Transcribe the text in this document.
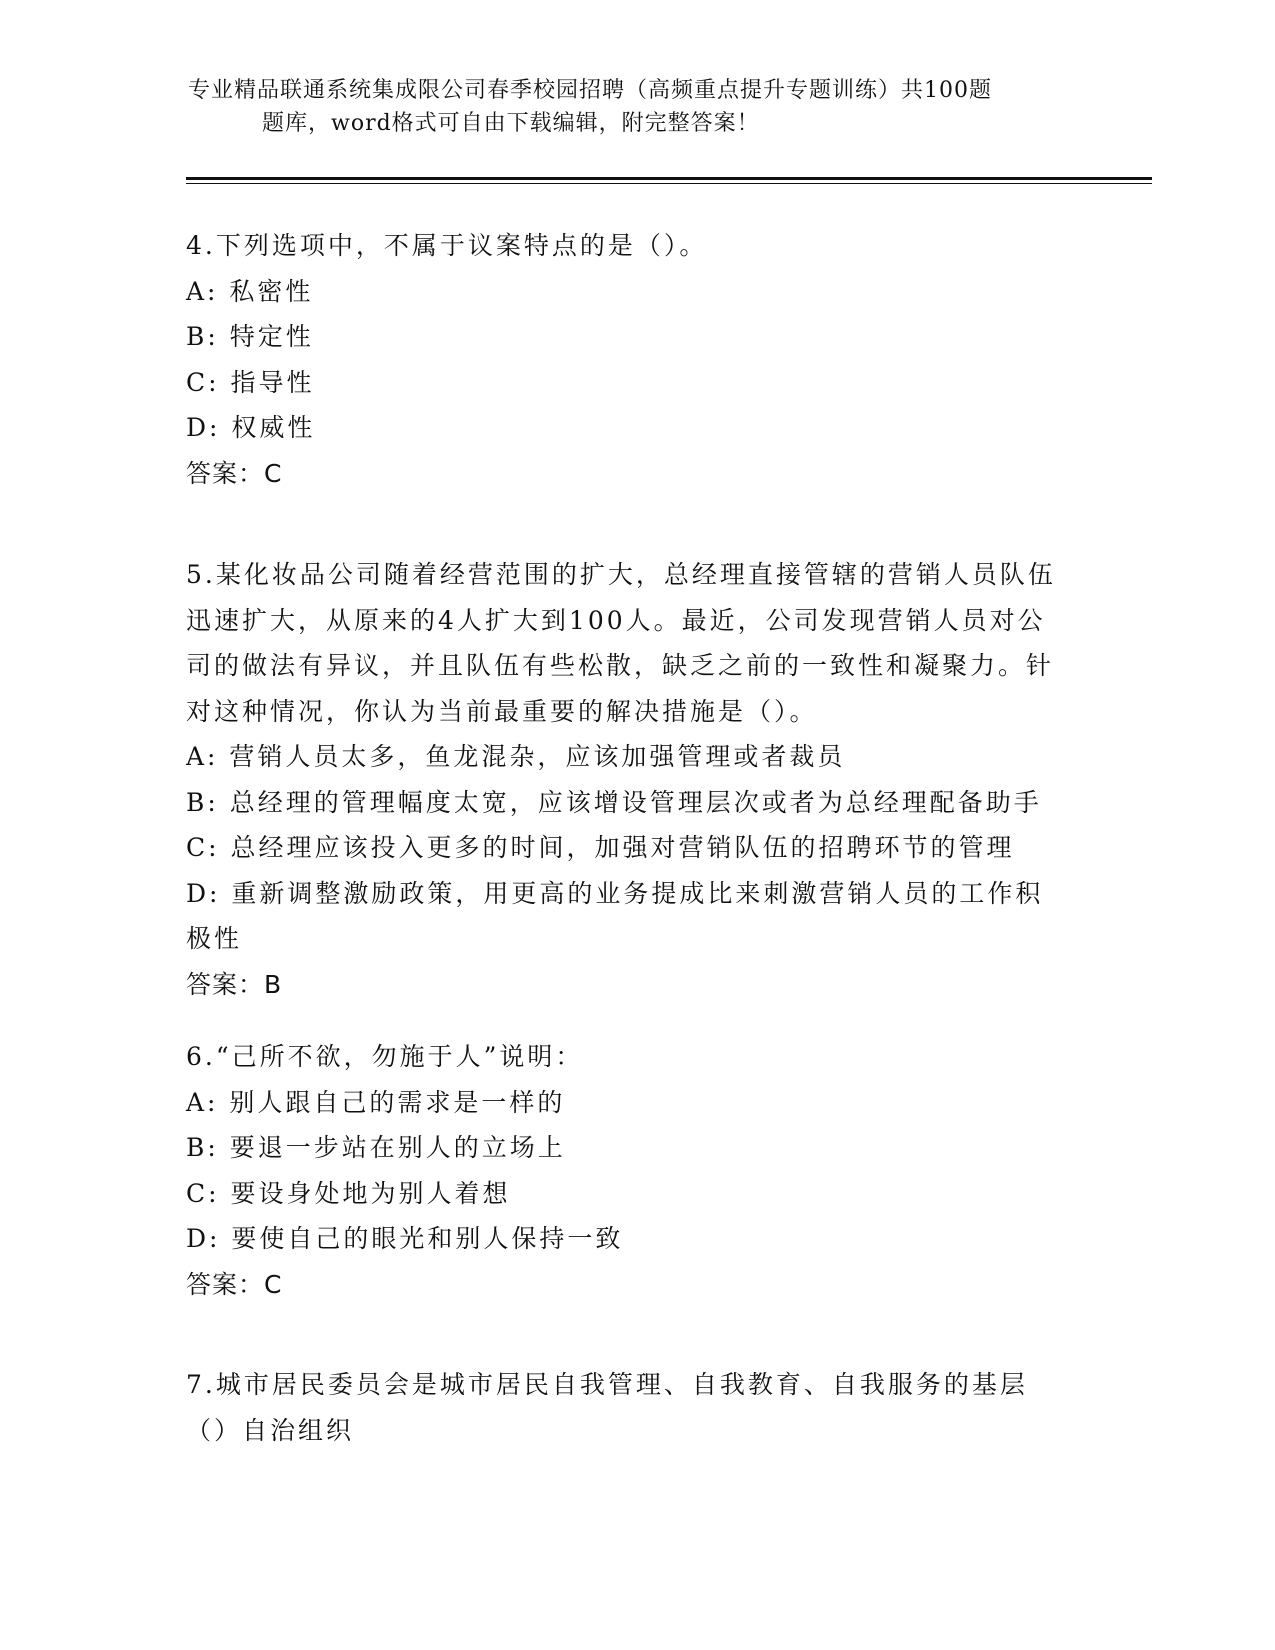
专业精品联通系统集成限公司春季校园招聘（高频重点提升专题训练）共100题
题库，word格式可自由下载编辑，附完整答案！

4.下列选项中，不属于议案特点的是（）。

A: 私密性

B: 特定性

C: 指导性

D: 权威性

答案：C

5.某化妆品公司随着经营范围的扩大，总经理直接管辖的营销人员队伍迅速扩大，从原来的4人扩大到100人。最近，公司发现营销人员对公司的做法有异议，并且队伍有些松散，缺乏之前的一致性和凝聚力。针对这种情况，你认为当前最重要的解决措施是（）。

A: 营销人员太多，鱼龙混杂，应该加强管理或者裁员

B: 总经理的管理幅度太宽，应该增设管理层次或者为总经理配备助手

C: 总经理应该投入更多的时间，加强对营销队伍的招聘环节的管理

D: 重新调整激励政策，用更高的业务提成比来刺激营销人员的工作积极性

答案：B

6.“己所不欲，勿施于人”说明：

A: 别人跟自己的需求是一样的

B: 要退一步站在别人的立场上

C: 要设身处地为别人着想

D: 要使自己的眼光和别人保持一致

答案：C

7.城市居民委员会是城市居民自我管理、自我教育、自我服务的基层（）自治组织
